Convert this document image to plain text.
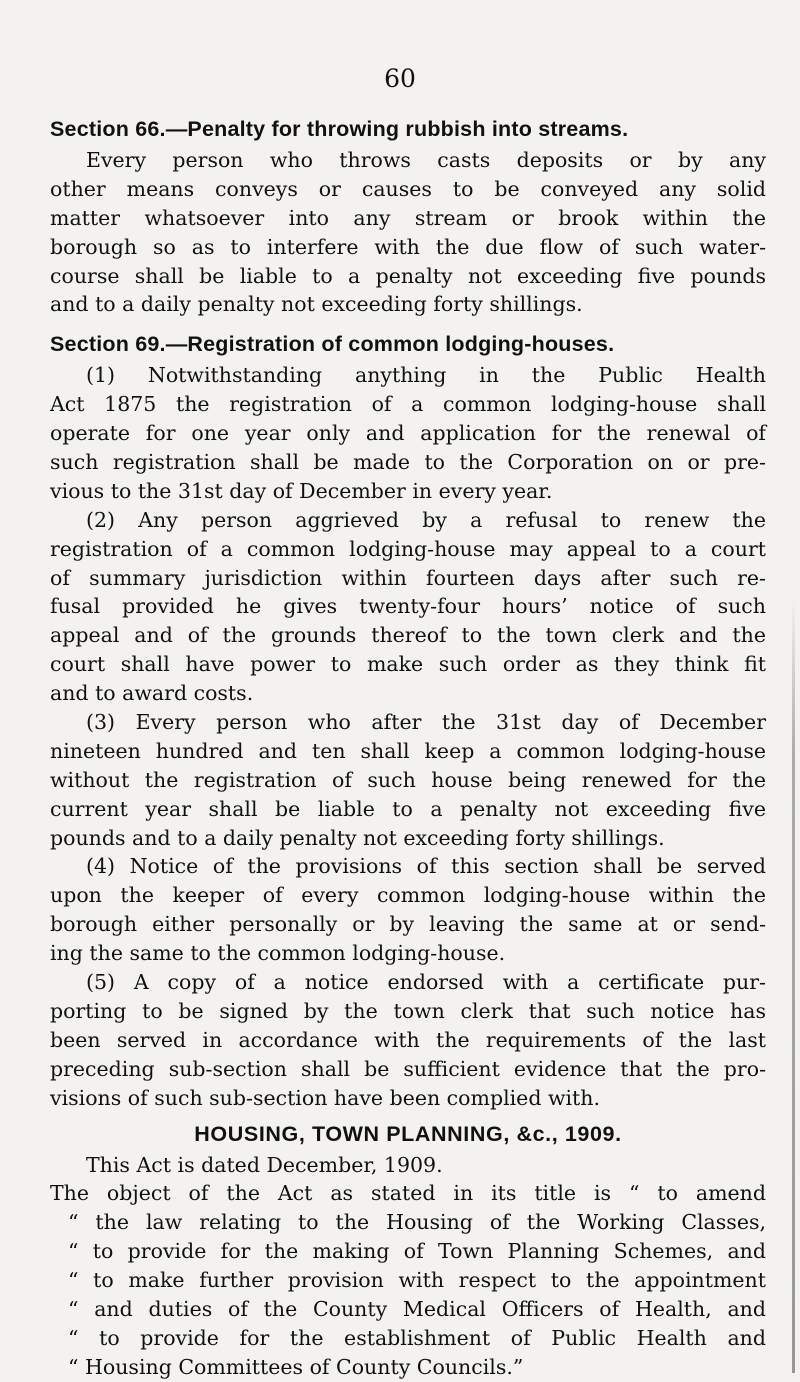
60
Section 66.—Penalty for throwing rubbish into streams.
Every person who throws casts deposits or by any
other means conveys or causes to be conveyed any solid
matter whatsoever into any stream or brook within the
borough so as to interfere with the due flow of such water-
course shall be liable to a penalty not exceeding five pounds
and to a daily penalty not exceeding forty shillings.
Section 69.—Registration of common lodging-houses.
(1) Notwithstanding anything in the Public Health
Act 1875 the registration of a common lodging-house shall
operate for one year only and application for the renewal of
such registration shall be made to the Corporation on or pre-
vious to the 31st day of December in every year.
(2) Any person aggrieved by a refusal to renew the
registration of a common lodging-house may appeal to a court
of summary jurisdiction within fourteen days after such re-
fusal provided he gives twenty-four hours’ notice of such
appeal and of the grounds thereof to the town clerk and the
court shall have power to make such order as they think fit
and to award costs.
(3) Every person who after the 31st day of December
nineteen hundred and ten shall keep a common lodging-house
without the registration of such house being renewed for the
current year shall be liable to a penalty not exceeding five
pounds and to a daily penalty not exceeding forty shillings.
(4) Notice of the provisions of this section shall be served
upon the keeper of every common lodging-house within the
borough either personally or by leaving the same at or send-
ing the same to the common lodging-house.
(5) A copy of a notice endorsed with a certificate pur-
porting to be signed by the town clerk that such notice has
been served in accordance with the requirements of the last
preceding sub-section shall be sufficient evidence that the pro-
visions of such sub-section have been complied with.
HOUSING, TOWN PLANNING, &c., 1909.
This Act is dated December, 1909.
The object of the Act as stated in its title is “ to amend
“ the law relating to the Housing of the Working Classes,
“ to provide for the making of Town Planning Schemes, and
“ to make further provision with respect to the appointment
“ and duties of the County Medical Officers of Health, and
“ to provide for the establishment of Public Health and
“ Housing Committees of County Councils.”
